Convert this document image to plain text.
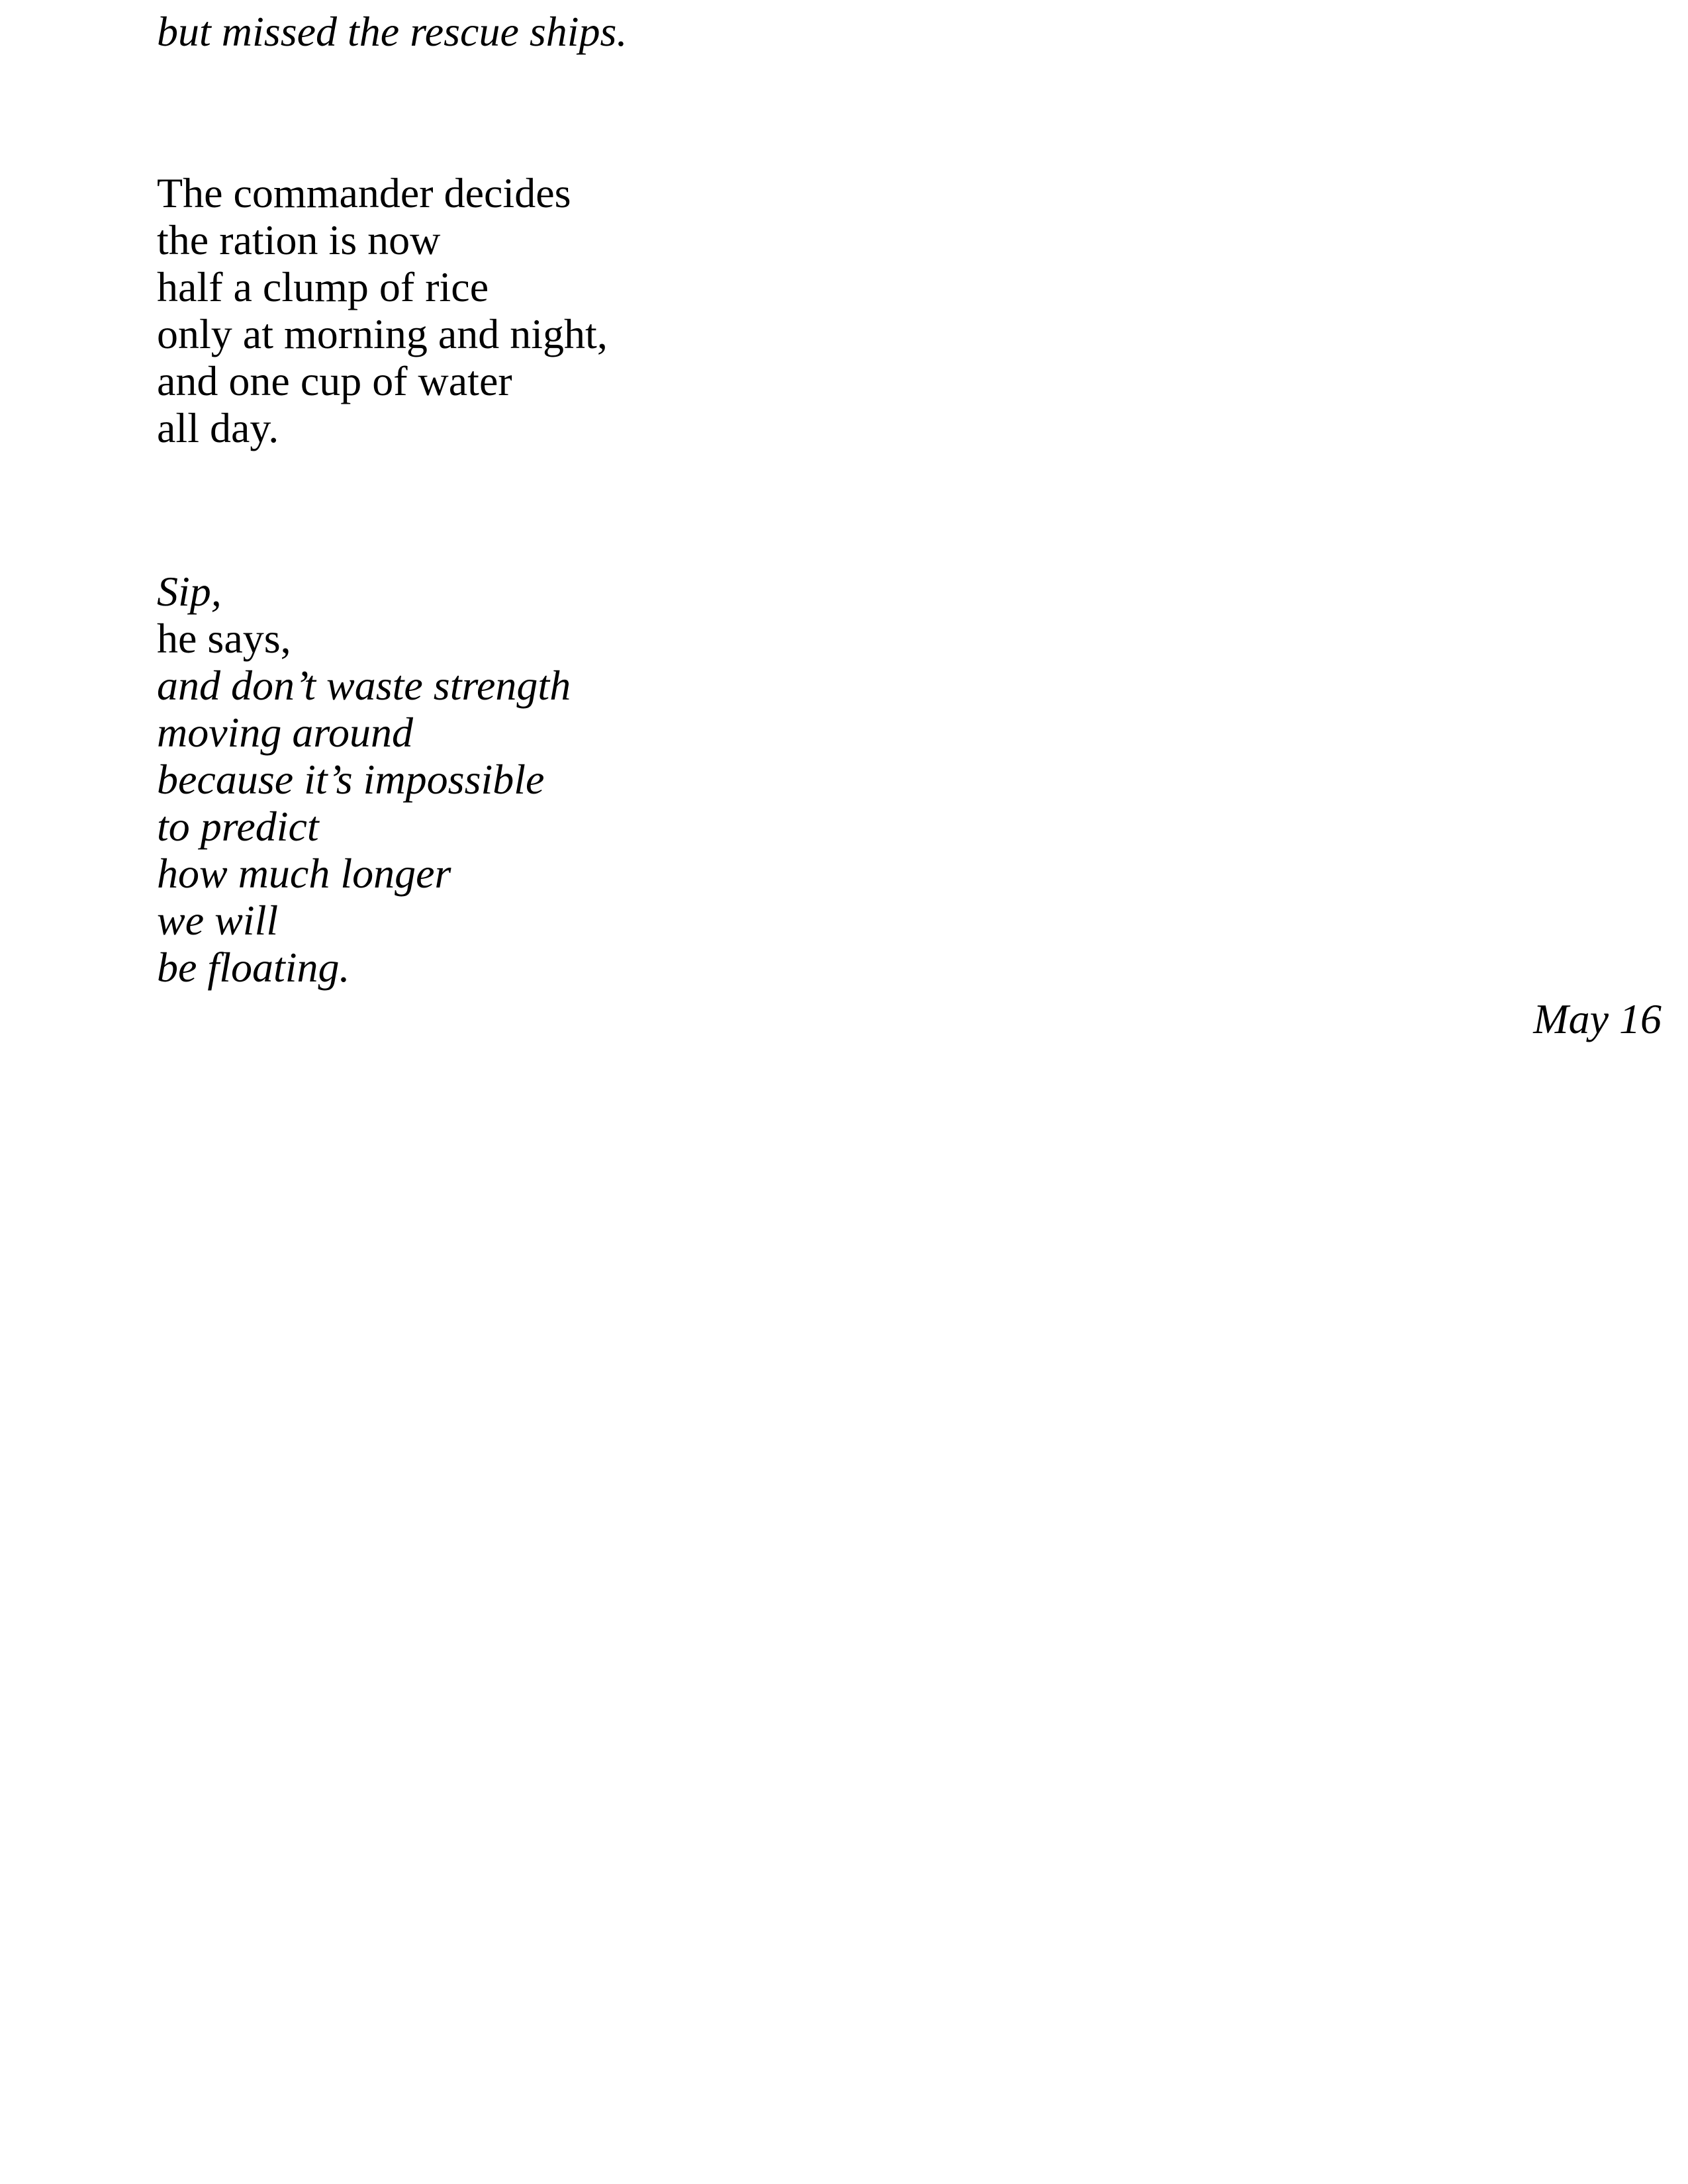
but missed the rescue ships.
The commander decides
the ration is now
half a clump of rice
only at morning and night,
and one cup of water
all day.
Sip,
he says,
and don’t waste strength
moving around
because it’s impossible
to predict
how much longer
we will
be floating.
May 16
